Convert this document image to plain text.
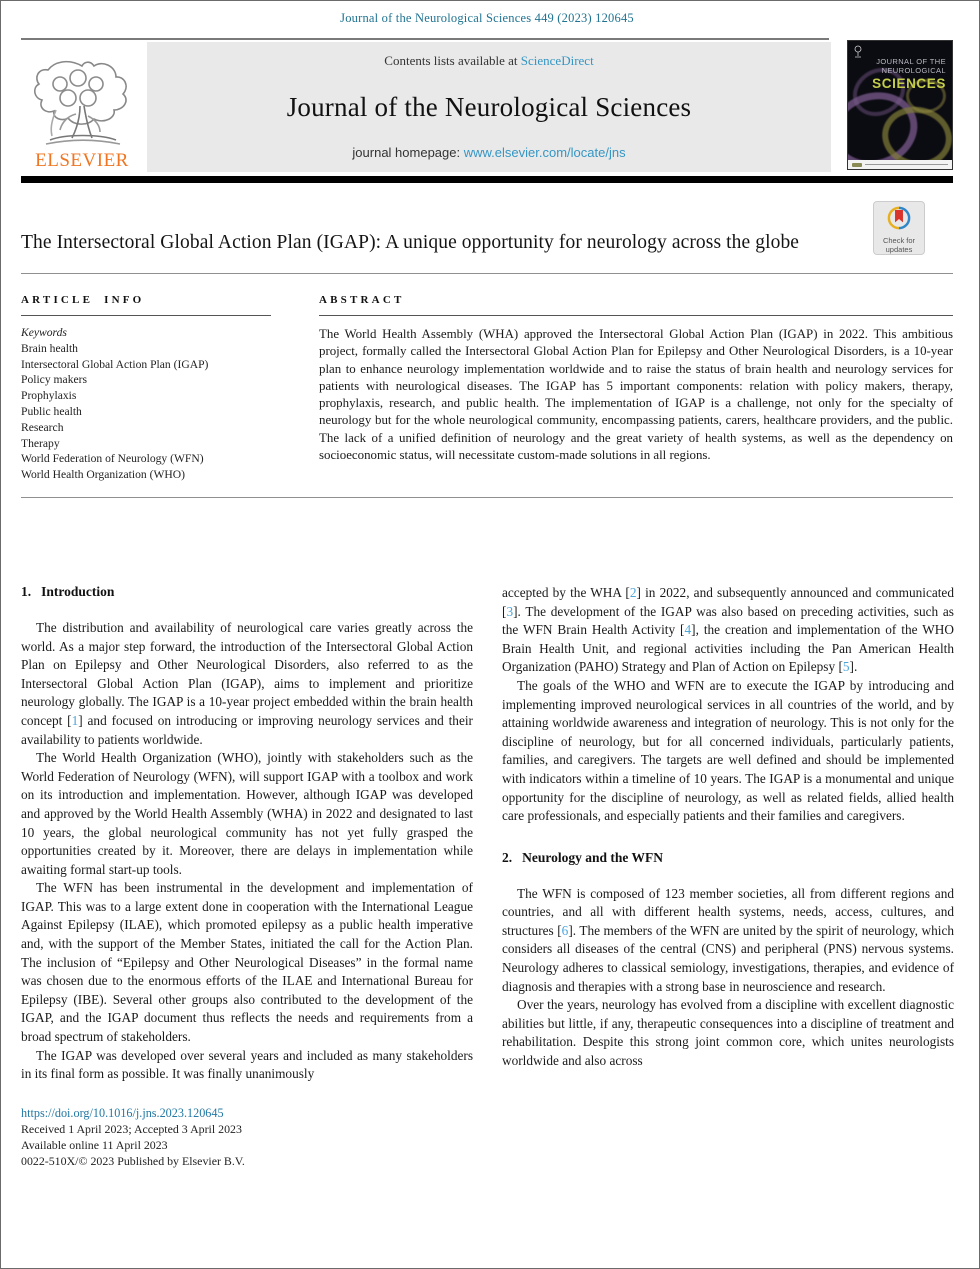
Journal of the Neurological Sciences 449 (2023) 120645
ELSEVIER
Contents lists available at ScienceDirect
Journal of the Neurological Sciences
journal homepage: www.elsevier.com/locate/jns
JOURNAL OF THE
NEUROLOGICAL
SCIENCES
The Intersectoral Global Action Plan (IGAP): A unique opportunity for neurology across the globe	Check for
updates
ARTICLE INFO
Keywords
Brain health
Intersectoral Global Action Plan (IGAP)
Policy makers
Prophylaxis
Public health
Research
Therapy
World Federation of Neurology (WFN)
World Health Organization (WHO)
ABSTRACT
The World Health Assembly (WHA) approved the Intersectoral Global Action Plan (IGAP) in 2022. This ambitious project, formally called the Intersectoral Global Action Plan for Epilepsy and Other Neurological Disorders, is a 10-year plan to enhance neurology implementation worldwide and to raise the status of brain health and neurology services for patients with neurological diseases. The IGAP has 5 important components: relation with policy makers, therapy, prophylaxis, research, and public health. The implementation of IGAP is a challenge, not only for the specialty of neurology but for the whole neurological community, encompassing patients, carers, healthcare providers, and the public. The lack of a unified definition of neurology and the great variety of health systems, as well as the dependency on socioeconomic status, will necessitate custom-made solutions in all regions.
1. Introduction

The distribution and availability of neurological care varies greatly across the world. As a major step forward, the introduction of the Intersectoral Global Action Plan on Epilepsy and Other Neurological Disorders, also referred to as the Intersectoral Global Action Plan (IGAP), aims to implement and prioritize neurology globally. The IGAP is a 10-year project embedded within the brain health concept [1] and focused on introducing or improving neurology services and their availability to patients worldwide.

The World Health Organization (WHO), jointly with stakeholders such as the World Federation of Neurology (WFN), will support IGAP with a toolbox and work on its introduction and implementation. However, although IGAP was developed and approved by the World Health Assembly (WHA) in 2022 and designated to last 10 years, the global neurological community has not yet fully grasped the opportunities created by it. Moreover, there are delays in implementation while awaiting formal start-up tools.

The WFN has been instrumental in the development and implementation of IGAP. This was to a large extent done in cooperation with the International League Against Epilepsy (ILAE), which promoted epilepsy as a public health imperative and, with the support of the Member States, initiated the call for the Action Plan. The inclusion of “Epilepsy and Other Neurological Diseases” in the formal name was chosen due to the enormous efforts of the ILAE and International Bureau for Epilepsy (IBE). Several other groups also contributed to the development of the IGAP, and the IGAP document thus reflects the needs and requirements from a broad spectrum of stakeholders.

The IGAP was developed over several years and included as many stakeholders in its final form as possible. It was finally unanimously

https://doi.org/10.1016/j.jns.2023.120645
Received 1 April 2023; Accepted 3 April 2023
Available online 11 April 2023
0022-510X/© 2023 Published by Elsevier B.V.

accepted by the WHA [2] in 2022, and subsequently announced and communicated [3]. The development of the IGAP was also based on preceding activities, such as the WFN Brain Health Activity [4], the creation and implementation of the WHO Brain Health Unit, and regional activities including the Pan American Health Organization (PAHO) Strategy and Plan of Action on Epilepsy [5].

The goals of the WHO and WFN are to execute the IGAP by introducing and implementing improved neurological services in all countries of the world, and by attaining worldwide awareness and integration of neurology. This is not only for the discipline of neurology, but for all concerned individuals, particularly patients, families, and caregivers. The targets are well defined and should be implemented with indicators within a timeline of 10 years. The IGAP is a monumental and unique opportunity for the discipline of neurology, as well as related fields, allied health care professionals, and especially patients and their families and caregivers.

2. Neurology and the WFN

The WFN is composed of 123 member societies, all from different regions and countries, and all with different health systems, needs, access, cultures, and structures [6]. The members of the WFN are united by the spirit of neurology, which considers all diseases of the central (CNS) and peripheral (PNS) nervous systems. Neurology adheres to classical semiology, investigations, therapies, and evidence of diagnosis and therapies with a strong base in neuroscience and research.

Over the years, neurology has evolved from a discipline with excellent diagnostic abilities but little, if any, therapeutic consequences into a discipline of treatment and rehabilitation. Despite this strong joint common core, which unites neurologists worldwide and also across
